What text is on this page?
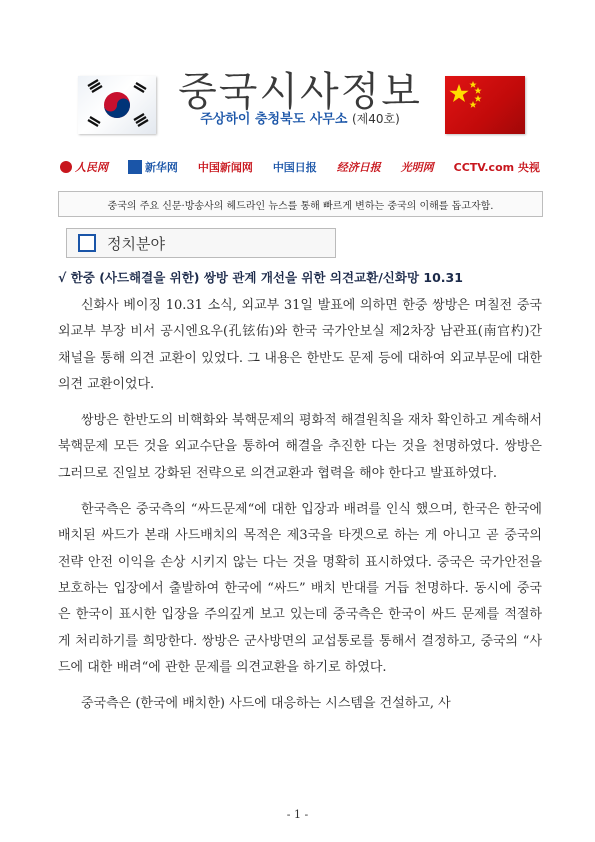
중국시사정보
주상하이 충청북도 사무소 (제40호)
人民网	新华网 中国新闻网 中国日报 经济日报 光明网 CCTV.com 央视
중국의 주요 신문·방송사의 헤드라인 뉴스를 통해 빠르게 변하는 중국의 이해를 돕고자함.
정치분야
√ 한중 (사드해결을 위한) 쌍방 관계 개선을 위한 의견교환/신화망 10.31

신화사 베이징 10.31 소식, 외교부 31일 발표에 의하면 한중 쌍방은 며칠전 중국 외교부 부장 비서 공시엔요우(孔铉佑)와 한국 국가안보실 제2차장 남관표(南官杓)간 채널을 통해 의견 교환이 있었다. 그 내용은 한반도 문제 등에 대하여 외교부문에 대한 의견 교환이었다.

쌍방은 한반도의 비핵화와 북핵문제의 평화적 해결원칙을 재차 확인하고 계속해서 북핵문제 모든 것을 외교수단을 통하여 해결을 추진한 다는 것을 천명하였다. 쌍방은 그러므로 진일보 강화된 전략으로 의견교환과 협력을 해야 한다고 발표하였다.

한국측은 중국측의 “싸드문제“에 대한 입장과 배려를 인식 했으며, 한국은 한국에 배치된 싸드가 본래 사드배치의 목적은 제3국을 타겟으로 하는 게 아니고 곧 중국의 전략 안전 이익을 손상 시키지 않는 다는 것을 명확히 표시하였다. 중국은 국가안전을 보호하는 입장에서 출발하여 한국에 “싸드” 배치 반대를 거듭 천명하다. 동시에 중국은 한국이 표시한 입장을 주의깊게 보고 있는데 중국측은 한국이 싸드 문제를 적절하게 처리하기를 희망한다. 쌍방은 군사방면의 교섭통로를 통해서 결정하고, 중국의 “사드에 대한 배려“에 관한 문제를 의견교환을 하기로 하였다.

중국측은 (한국에 배치한) 사드에 대응하는 시스템을 건설하고, 사

- 1 -
